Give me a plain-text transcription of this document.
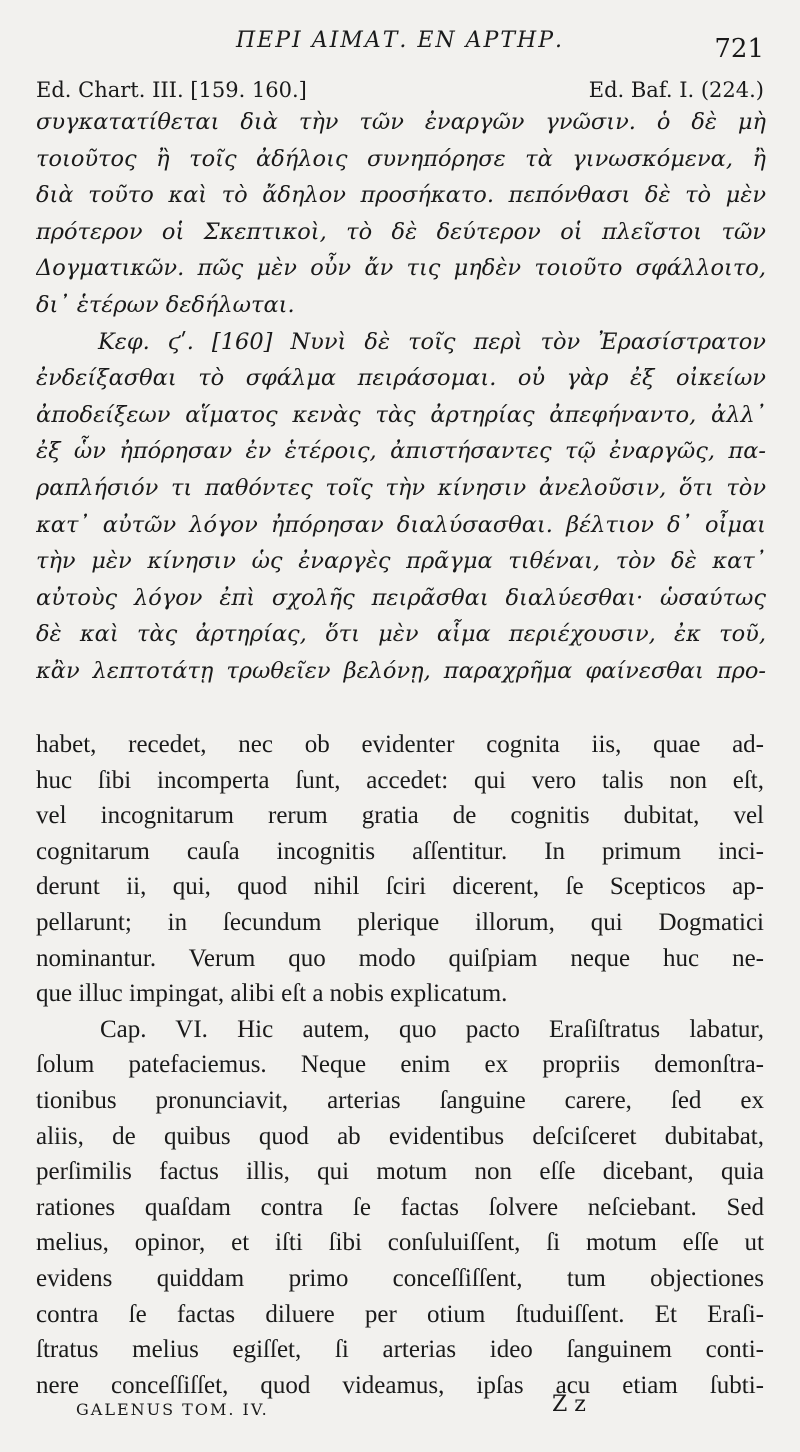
ΠΕΡΙ ΑΙΜΑΤ. ΕΝ ΑΡΤΗΡ.	721
Ed. Chart. III. [159. 160.]	Ed. Baf. I. (224.)
συγκατατίθεται διὰ τὴν τῶν ἐναργῶν γνῶσιν. ὁ δὲ μὴ
τοιοῦτος ἢ τοῖς ἀδήλοις συνηπόρησε τὰ γινωσκόμενα, ἢ
διὰ τοῦτο καὶ τὸ ἄδηλον προσήκατο. πεπόνθασι δὲ τὸ μὲν
πρότερον οἱ Σκεπτικοὶ, τὸ δὲ δεύτερον οἱ πλεῖστοι τῶν
Δογματικῶν. πῶς μὲν οὖν ἄν τις μηδὲν τοιοῦτο σφάλλοιτο,
δι᾽ ἑτέρων δεδήλωται.
Κεφ. ϛʹ. [160] Νυνὶ δὲ τοῖς περὶ τὸν Ἐρασίστρατον
ἐνδείξασθαι τὸ σφάλμα πειράσομαι. οὐ γὰρ ἐξ οἰκείων
ἀποδείξεων αἵματος κενὰς τὰς ἀρτηρίας ἀπεφήναντο, ἀλλ᾽
ἐξ ὧν ἠπόρησαν ἐν ἑτέροις, ἀπιστήσαντες τῷ ἐναργῶς, πα-
ραπλήσιόν τι παθόντες τοῖς τὴν κίνησιν ἀνελοῦσιν, ὅτι τὸν
κατ᾽ αὐτῶν λόγον ἠπόρησαν διαλύσασθαι. βέλτιον δ᾽ οἶμαι
τὴν μὲν κίνησιν ὡς ἐναργὲς πρᾶγμα τιθέναι, τὸν δὲ κατ᾽
αὐτοὺς λόγον ἐπὶ σχολῆς πειρᾶσθαι διαλύεσθαι· ὡσαύτως
δὲ καὶ τὰς ἀρτηρίας, ὅτι μὲν αἷμα περιέχουσιν, ἐκ τοῦ,
κἂν λεπτοτάτῃ τρωθεῖεν βελόνῃ, παραχρῆμα φαίνεσθαι προ-
habet, recedet, nec ob evidenter cognita iis, quae ad-
huc ſibi incomperta ſunt, accedet: qui vero talis non eſt,
vel incognitarum rerum gratia de cognitis dubitat, vel
cognitarum cauſa incognitis aſſentitur. In primum inci-
derunt ii, qui, quod nihil ſciri dicerent, ſe Scepticos ap-
pellarunt; in ſecundum plerique illorum, qui Dogmatici
nominantur. Verum quo modo quiſpiam neque huc ne-
que illuc impingat, alibi eſt a nobis explicatum.
Cap. VI. Hic autem, quo pacto Eraſiſtratus labatur,
ſolum patefaciemus. Neque enim ex propriis demonſtra-
tionibus pronunciavit, arterias ſanguine carere, ſed ex
aliis, de quibus quod ab evidentibus deſciſceret dubitabat,
perſimilis factus illis, qui motum non eſſe dicebant, quia
rationes quaſdam contra ſe factas ſolvere neſciebant. Sed
melius, opinor, et iſti ſibi conſuluiſſent, ſi motum eſſe ut
evidens quiddam primo conceſſiſſent, tum objectiones
contra ſe factas diluere per otium ſtuduiſſent. Et Eraſi-
ſtratus melius egiſſet, ſi arterias ideo ſanguinem conti-
nere conceſſiſſet, quod videamus, ipſas acu etiam ſubti-
GALENUS TOM. IV.	Z z
